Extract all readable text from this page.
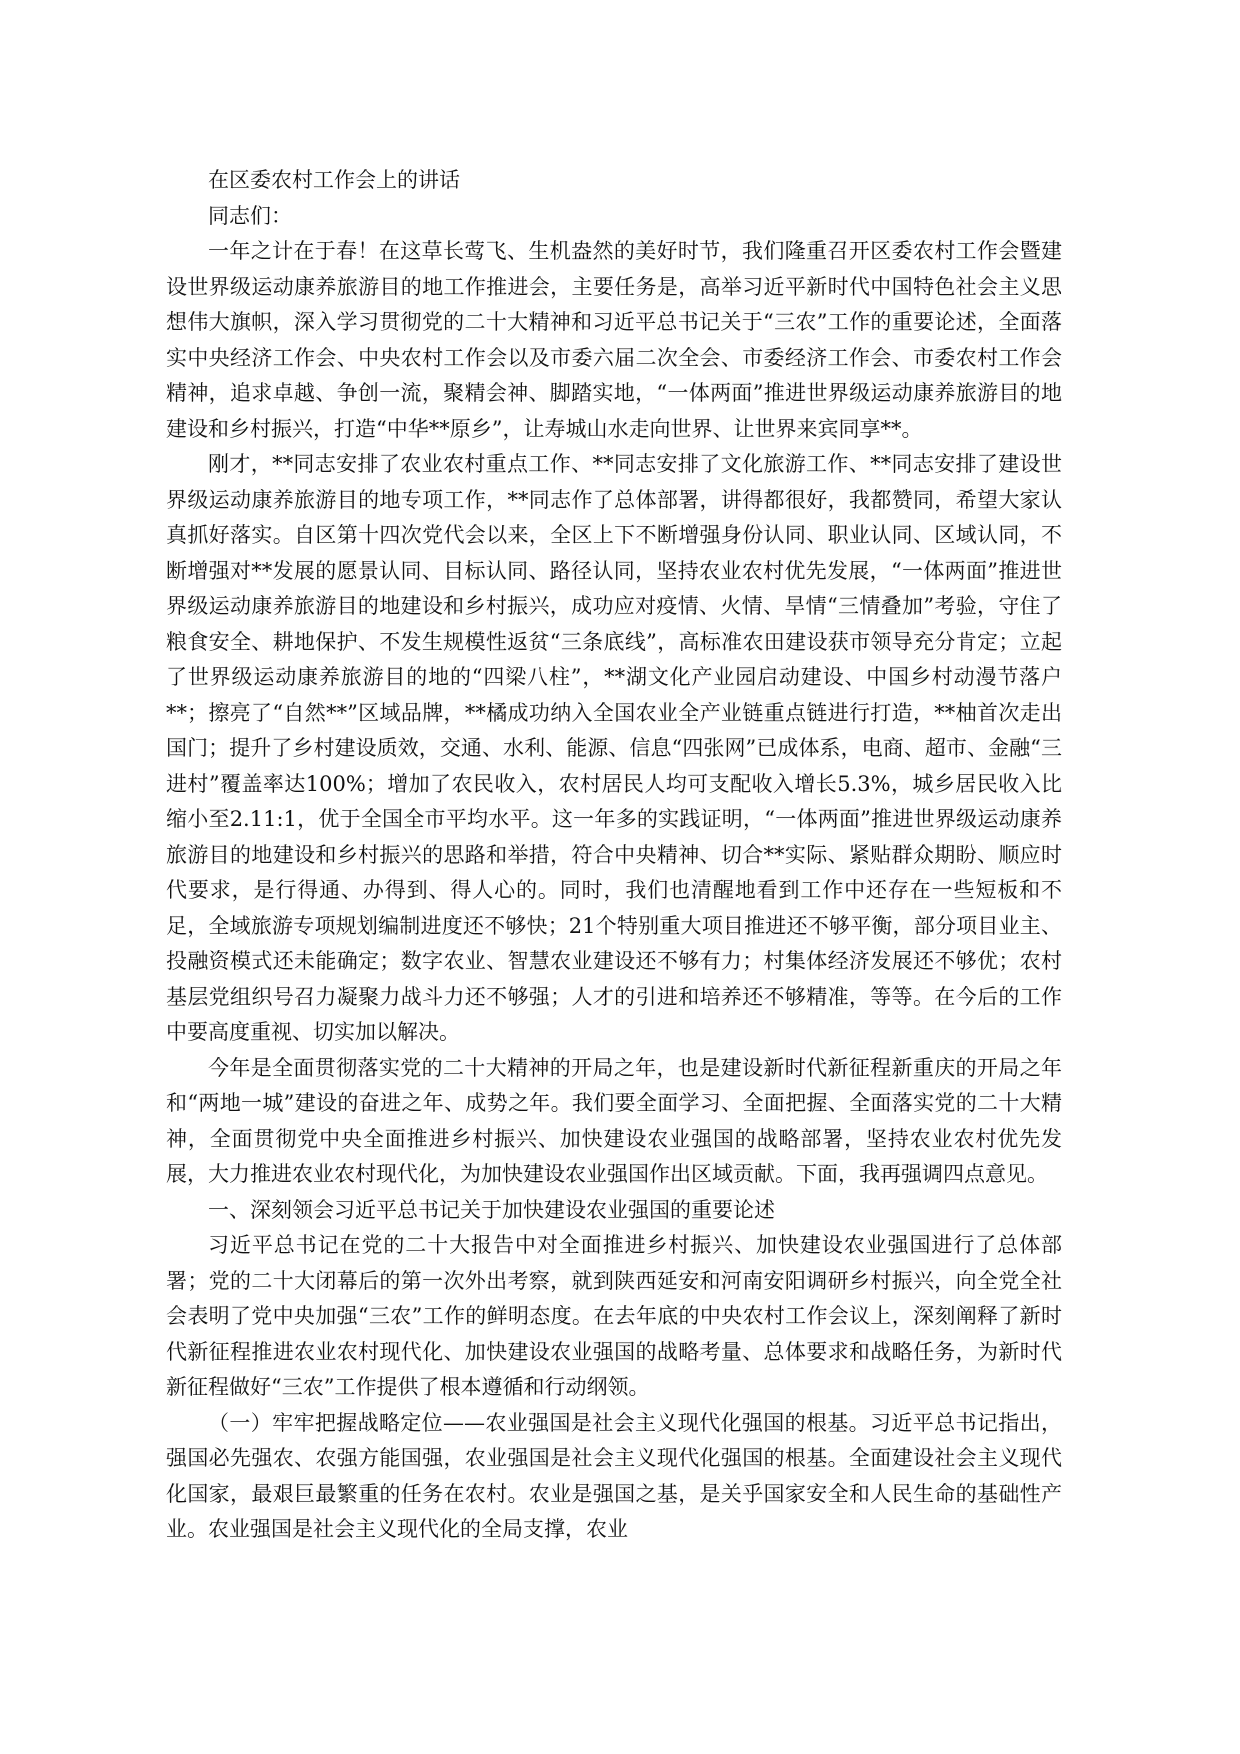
在区委农村工作会上的讲话

同志们：

一年之计在于春！在这草长莺飞、生机盎然的美好时节，我们隆重召开区委农村工作会暨建设世界级运动康养旅游目的地工作推进会，主要任务是，高举习近平新时代中国特色社会主义思想伟大旗帜，深入学习贯彻党的二十大精神和习近平总书记关于“三农”工作的重要论述，全面落实中央经济工作会、中央农村工作会以及市委六届二次全会、市委经济工作会、市委农村工作会精神，追求卓越、争创一流，聚精会神、脚踏实地，“一体两面”推进世界级运动康养旅游目的地建设和乡村振兴，打造“中华**原乡”，让寿城山水走向世界、让世界来宾同享**。

刚才，**同志安排了农业农村重点工作、**同志安排了文化旅游工作、**同志安排了建设世界级运动康养旅游目的地专项工作，**同志作了总体部署，讲得都很好，我都赞同，希望大家认真抓好落实。自区第十四次党代会以来，全区上下不断增强身份认同、职业认同、区域认同，不断增强对**发展的愿景认同、目标认同、路径认同，坚持农业农村优先发展，“一体两面”推进世界级运动康养旅游目的地建设和乡村振兴，成功应对疫情、火情、旱情“三情叠加”考验，守住了粮食安全、耕地保护、不发生规模性返贫“三条底线”，高标准农田建设获市领导充分肯定；立起了世界级运动康养旅游目的地的“四梁八柱”，**湖文化产业园启动建设、中国乡村动漫节落户**；擦亮了“自然**”区域品牌，**橘成功纳入全国农业全产业链重点链进行打造，**柚首次走出国门；提升了乡村建设质效，交通、水利、能源、信息“四张网”已成体系，电商、超市、金融“三进村”覆盖率达100%；增加了农民收入，农村居民人均可支配收入增长5.3%，城乡居民收入比缩小至2.11:1，优于全国全市平均水平。这一年多的实践证明，“一体两面”推进世界级运动康养旅游目的地建设和乡村振兴的思路和举措，符合中央精神、切合**实际、紧贴群众期盼、顺应时代要求，是行得通、办得到、得人心的。同时，我们也清醒地看到工作中还存在一些短板和不足，全域旅游专项规划编制进度还不够快；21个特别重大项目推进还不够平衡，部分项目业主、投融资模式还未能确定；数字农业、智慧农业建设还不够有力；村集体经济发展还不够优；农村基层党组织号召力凝聚力战斗力还不够强；人才的引进和培养还不够精准，等等。在今后的工作中要高度重视、切实加以解决。

今年是全面贯彻落实党的二十大精神的开局之年，也是建设新时代新征程新重庆的开局之年和“两地一城”建设的奋进之年、成势之年。我们要全面学习、全面把握、全面落实党的二十大精神，全面贯彻党中央全面推进乡村振兴、加快建设农业强国的战略部署，坚持农业农村优先发展，大力推进农业农村现代化，为加快建设农业强国作出区域贡献。下面，我再强调四点意见。

一、深刻领会习近平总书记关于加快建设农业强国的重要论述

习近平总书记在党的二十大报告中对全面推进乡村振兴、加快建设农业强国进行了总体部署；党的二十大闭幕后的第一次外出考察，就到陕西延安和河南安阳调研乡村振兴，向全党全社会表明了党中央加强“三农”工作的鲜明态度。在去年底的中央农村工作会议上，深刻阐释了新时代新征程推进农业农村现代化、加快建设农业强国的战略考量、总体要求和战略任务，为新时代新征程做好“三农”工作提供了根本遵循和行动纲领。

（一）牢牢把握战略定位——农业强国是社会主义现代化强国的根基。习近平总书记指出，强国必先强农、农强方能国强，农业强国是社会主义现代化强国的根基。全面建设社会主义现代化国家，最艰巨最繁重的任务在农村。农业是强国之基，是关乎国家安全和人民生命的基础性产业。农业强国是社会主义现代化的全局支撑，农业
